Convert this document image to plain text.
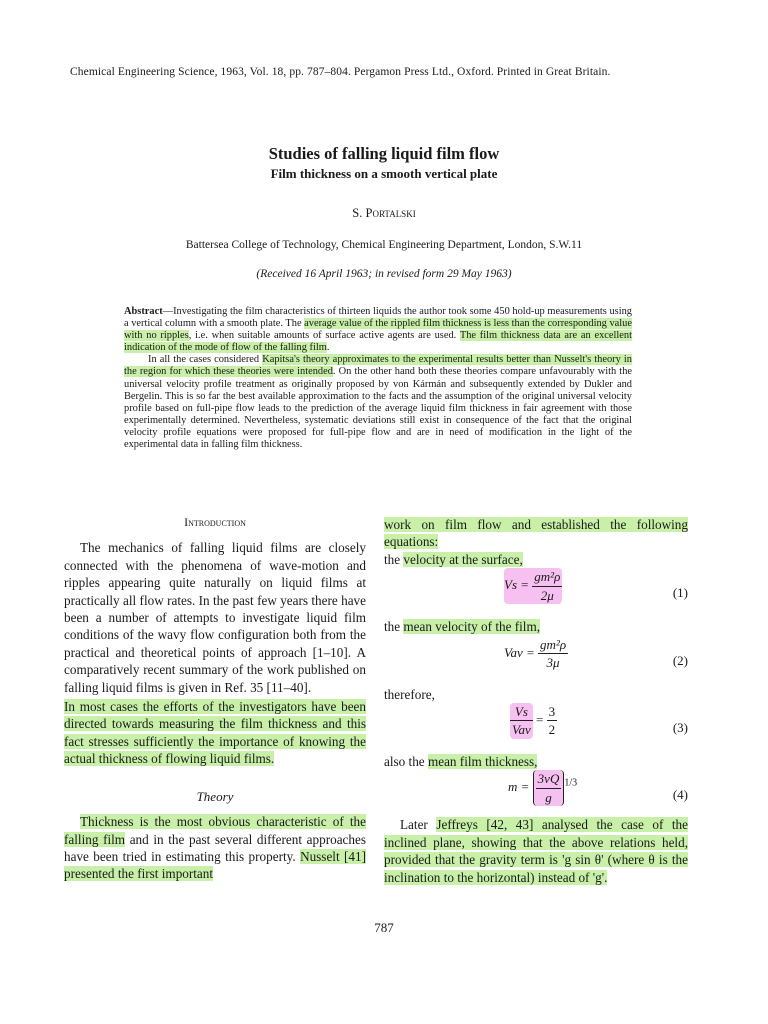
Chemical Engineering Science, 1963, Vol. 18, pp. 787–804. Pergamon Press Ltd., Oxford. Printed in Great Britain.
Studies of falling liquid film flow
Film thickness on a smooth vertical plate
S. Portalski
Battersea College of Technology, Chemical Engineering Department, London, S.W.11
(Received 16 April 1963; in revised form 29 May 1963)

Abstract—Investigating the film characteristics of thirteen liquids the author took some 450 hold-up measurements using a vertical column with a smooth plate. The average value of the rippled film thickness is less than the corresponding value with no ripples, i.e. when suitable amounts of surface active agents are used. The film thickness data are an excellent indication of the mode of flow of the falling film.

In all the cases considered Kapitsa's theory approximates to the experimental results better than Nusselt's theory in the region for which these theories were intended. On the other hand both these theories compare unfavourably with the universal velocity profile treatment as originally proposed by von Kármán and subsequently extended by Dukler and Bergelin. This is so far the best available approximation to the facts and the assumption of the original universal velocity profile based on full-pipe flow leads to the prediction of the average liquid film thickness in fair agreement with those experimentally determined. Nevertheless, systematic deviations still exist in consequence of the fact that the original velocity profile equations were proposed for full-pipe flow and are in need of modification in the light of the experimental data in falling film thickness.

Introduction

The mechanics of falling liquid films are closely connected with the phenomena of wave-motion and ripples appearing quite naturally on liquid films at practically all flow rates. In the past few years there have been a number of attempts to investigate liquid film conditions of the wavy flow configuration both from the practical and theoretical points of approach [1–10]. A comparatively recent summary of the work published on falling liquid films is given in Ref. 35 [11–40].

In most cases the efforts of the investigators have been directed towards measuring the film thickness and this fact stresses sufficiently the importance of knowing the actual thickness of flowing liquid films.

Theory

Thickness is the most obvious characteristic of the falling film and in the past several different approaches have been tried in estimating this property. Nusselt [41] presented the first important

work on film flow and established the following equations:

the velocity at the surface,

$Vs = \frac{\text{gm²ρ}}{2\mu}$	(1)

the mean velocity of the film,

Vav = $\frac{\text{gm²ρ}}{3\mu}$	(2)

therefore,

$\frac{Vs}{\text{Vav}} = \frac{3}{2}$	(3)

also the mean film thickness,

$m = \frac{3\nu Q}{g} ^{1/3}$
(4)

Later Jeffreys [42, 43] analysed the case of the inclined plane, showing that the above relations held, provided that the gravity term is 'g sin θ' (where θ is the inclination to the horizontal) instead of 'g'.

787
